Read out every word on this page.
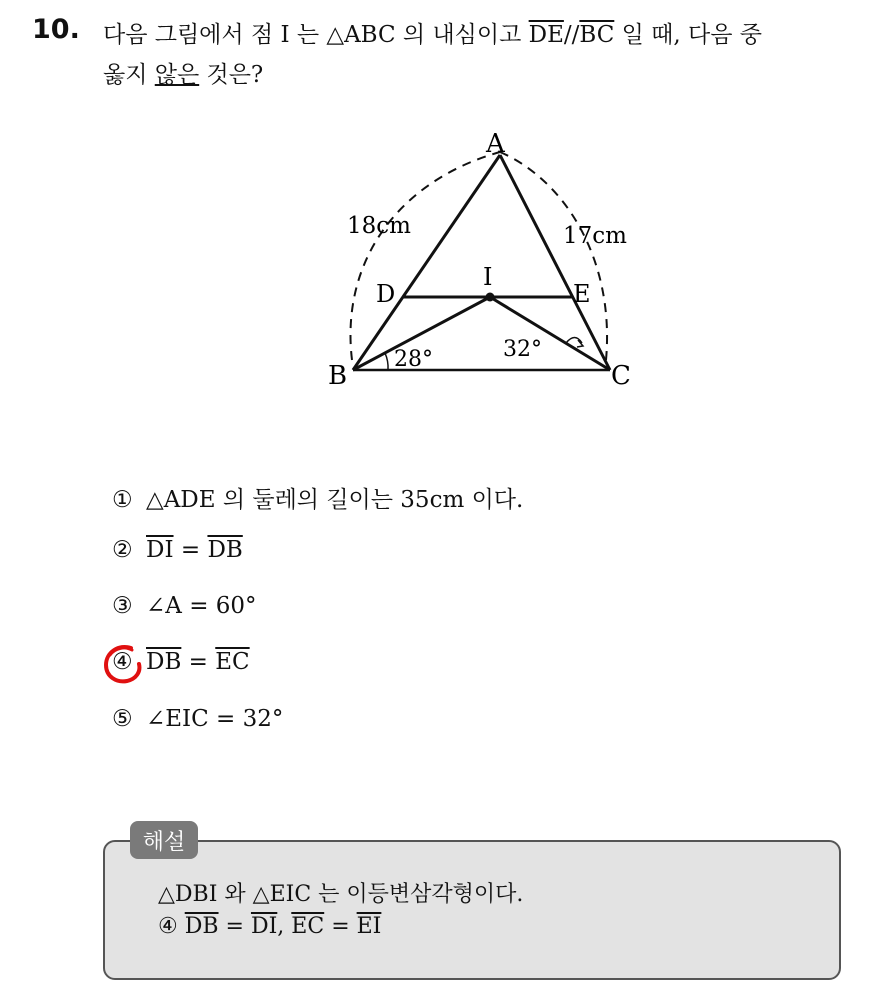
10. 다음 그림에서 점 I 는 △ABC 의 내심이고 $\overline{DE}//\overline{BC}$ 일 때, 다음 중
옳지 않은 것은?
A
B	C
D	E
I
18cm	17cm
28°	32°
① △ADE 의 둘레의 길이는 35cm 이다.
② $\overline{DI} = \overline{DB}$
③ ∠A = 60°
④ $\overline{DB} = \overline{EC}$
⑤ ∠EIC = 32°
해설
△DBI 와 △EIC 는 이등변삼각형이다.
④ $\overline{DB} = \overline{DI}$, $\overline{EC} = \overline{EI}$
